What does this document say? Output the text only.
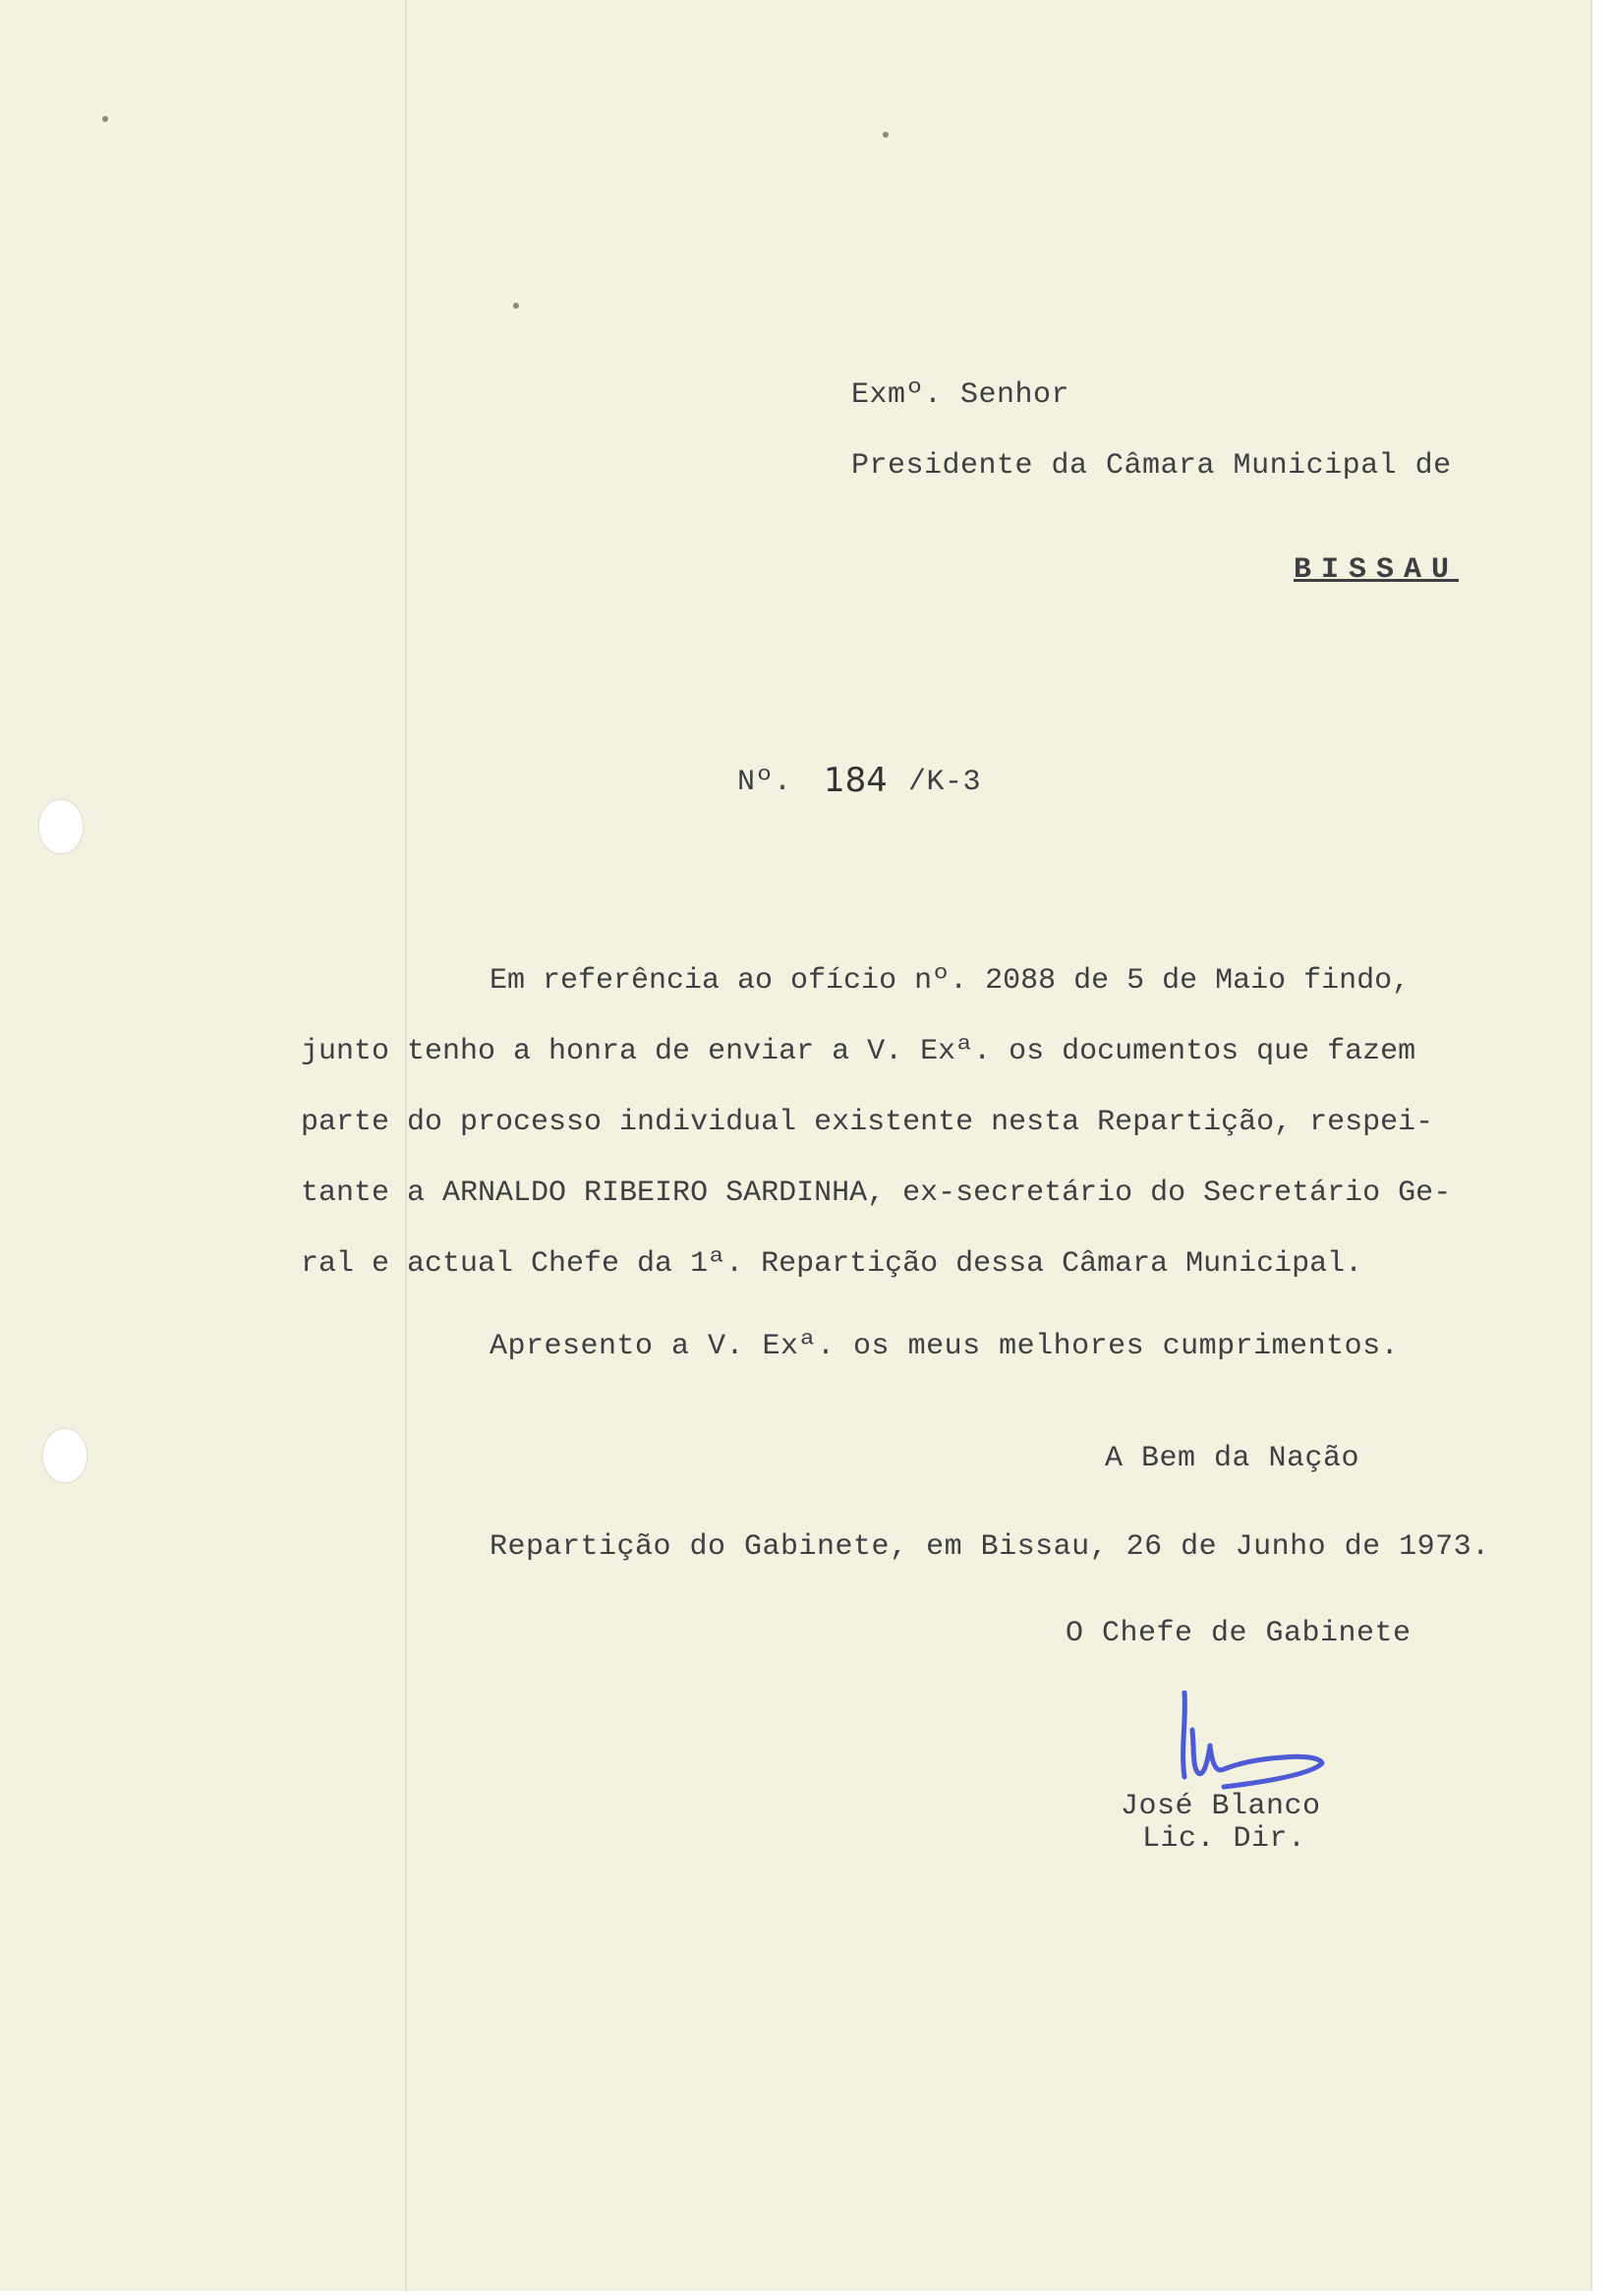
Exmº. Senhor
Presidente da Câmara Municipal de
BISSAU
Nº. 184 /K-3

Em referência ao ofício nº. 2088 de 5 de Maio findo,

junto tenho a honra de enviar a V. Exª. os documentos que fazem

parte do processo individual existente nesta Repartição, respei-

tante a ARNALDO RIBEIRO SARDINHA, ex-secretário do Secretário Ge-

ral e actual Chefe da 1ª. Repartição dessa Câmara Municipal.

Apresento a V. Exª. os meus melhores cumprimentos.
A Bem da Nação
Repartição do Gabinete, em Bissau, 26 de Junho de 1973.
O Chefe de Gabinete
José Blanco
Lic. Dir.
